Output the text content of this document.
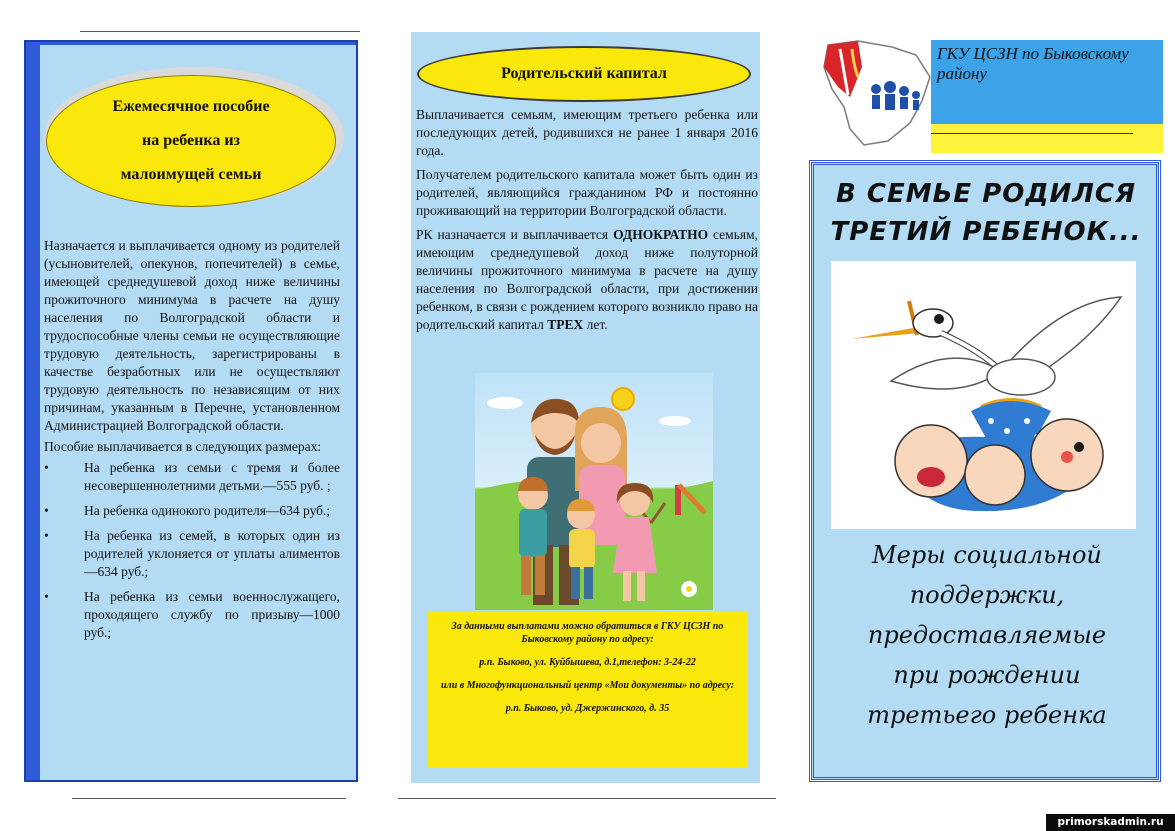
Ежемесячное пособие
на ребенка из
малоимущей семьи

Назначается и выплачивается одному из родителей (усыновителей, опекунов, попечителей) в семье, имеющей среднедушевой доход ниже величины прожиточного минимума в расчете на душу населения по Волгоградской области и трудоспособные члены семьи не осуществляющие трудовую деятельность, зарегистрированы в качестве безработных или не осуществляют трудовую деятельность по независящим от них причинам, указанным в Перечне, установленном Администрацией Волгоградской области.

Пособие выплачивается в следующих размерах:

•	На ребенка из семьи с тремя и более несовершеннолетними детьми.—555 руб. ;
•	На ребенка одинокого родителя—634 руб.;
•	На ребенка из семей, в которых один из родителей уклоняется от уплаты алиментов—634 руб.;
•	На ребенка из семьи военнослужащего, проходящего службу по призыву—1000 руб.;
Родительский капитал

Выплачивается семьям, имеющим третьего ребенка или последующих детей, родившихся не ранее 1 января 2016 года.

Получателем родительского капитала может быть один из родителей, являющийся гражданином РФ и постоянно проживающий на территории Волгоградской области.

РК назначается и выплачивается ОДНОКРАТНО семьям, имеющим среднедушевой доход ниже полуторной величины прожиточного минимума в расчете на душу населения по Волгоградской области, при достижении ребенком, в связи с рождением которого возникло право на родительский капитал ТРЕХ лет.

За данными выплатами можно обратиться в ГКУ ЦСЗН по Быковскому району по адресу:

р.п. Быково, ул. Куйбышева, д.1,телефон: 3-24-22

или в Многофункциональный центр «Мои документы» по адресу:

р.п. Быково, уд. Джержинского, д. 35

ГКУ ЦСЗН по Быковскому району
В СЕМЬЕ РОДИЛСЯ
ТРЕТИЙ РЕБЕНОК...
Меры социальной
поддержки,
предоставляемые
при рождении
третьего ребенка
primorskadmin.ru
